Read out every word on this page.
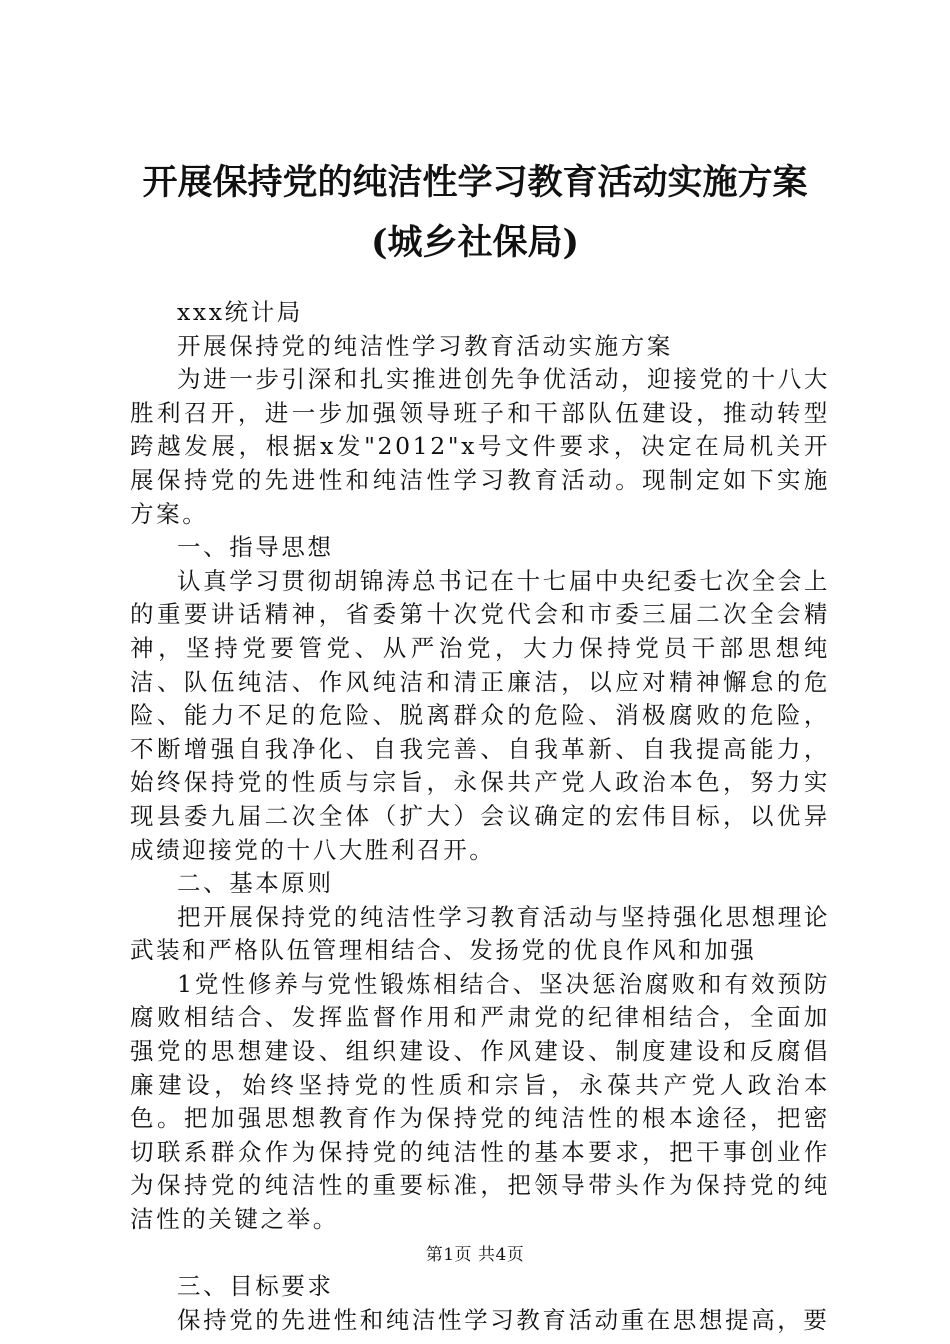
开展保持党的纯洁性学习教育活动实施方案
(城乡社保局)

xxx统计局

开展保持党的纯洁性学习教育活动实施方案

为进一步引深和扎实推进创先争优活动，迎接党的十八大胜利召开，进一步加强领导班子和干部队伍建设，推动转型跨越发展，根据x发"2012"x号文件要求，决定在局机关开展保持党的先进性和纯洁性学习教育活动。现制定如下实施方案。

一、指导思想

认真学习贯彻胡锦涛总书记在十七届中央纪委七次全会上的重要讲话精神，省委第十次党代会和市委三届二次全会精神，坚持党要管党、从严治党，大力保持党员干部思想纯洁、队伍纯洁、作风纯洁和清正廉洁，以应对精神懈怠的危险、能力不足的危险、脱离群众的危险、消极腐败的危险，不断增强自我净化、自我完善、自我革新、自我提高能力，始终保持党的性质与宗旨，永保共产党人政治本色，努力实现县委九届二次全体（扩大）会议确定的宏伟目标，以优异成绩迎接党的十八大胜利召开。

二、基本原则

把开展保持党的纯洁性学习教育活动与坚持强化思想理论武装和严格队伍管理相结合、发扬党的优良作风和加强

1党性修养与党性锻炼相结合、坚决惩治腐败和有效预防腐败相结合、发挥监督作用和严肃党的纪律相结合，全面加强党的思想建设、组织建设、作风建设、制度建设和反腐倡廉建设，始终坚持党的性质和宗旨，永葆共产党人政治本色。把加强思想教育作为保持党的纯洁性的根本途径，把密切联系群众作为保持党的纯洁性的基本要求，把干事创业作为保持党的纯洁性的重要标准，把领导带头作为保持党的纯洁性的关键之举。

三、目标要求

保持党的先进性和纯洁性学习教育活动重在思想提高，要

第1页 共4页
